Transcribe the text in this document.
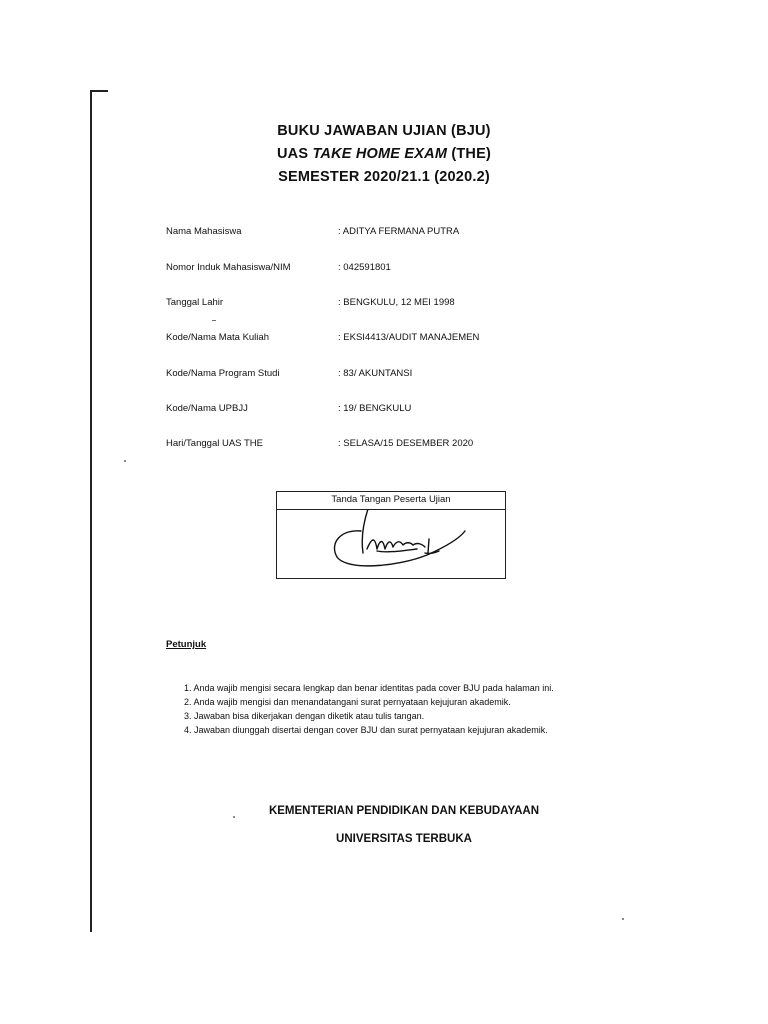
BUKU JAWABAN UJIAN (BJU)
UAS TAKE HOME EXAM (THE)
SEMESTER 2020/21.1 (2020.2)
Nama Mahasiswa	: ADITYA FERMANA PUTRA
Nomor Induk Mahasiswa/NIM	: 042591801
Tanggal Lahir	: BENGKULU, 12 MEI 1998
Kode/Nama Mata Kuliah	: EKSI4413/AUDIT MANAJEMEN
Kode/Nama Program Studi	: 83/ AKUNTANSI
Kode/Nama UPBJJ	: 19/ BENGKULU
Hari/Tanggal UAS THE	: SELASA/15 DESEMBER 2020
Tanda Tangan Peserta Ujian
Petunjuk
1. Anda wajib mengisi secara lengkap dan benar identitas pada cover BJU pada halaman ini.
2. Anda wajib mengisi dan menandatangani surat pernyataan kejujuran akademik.
3. Jawaban bisa dikerjakan dengan diketik atau tulis tangan.
4. Jawaban diunggah disertai dengan cover BJU dan surat pernyataan kejujuran akademik.
KEMENTERIAN PENDIDIKAN DAN KEBUDAYAAN
UNIVERSITAS TERBUKA
